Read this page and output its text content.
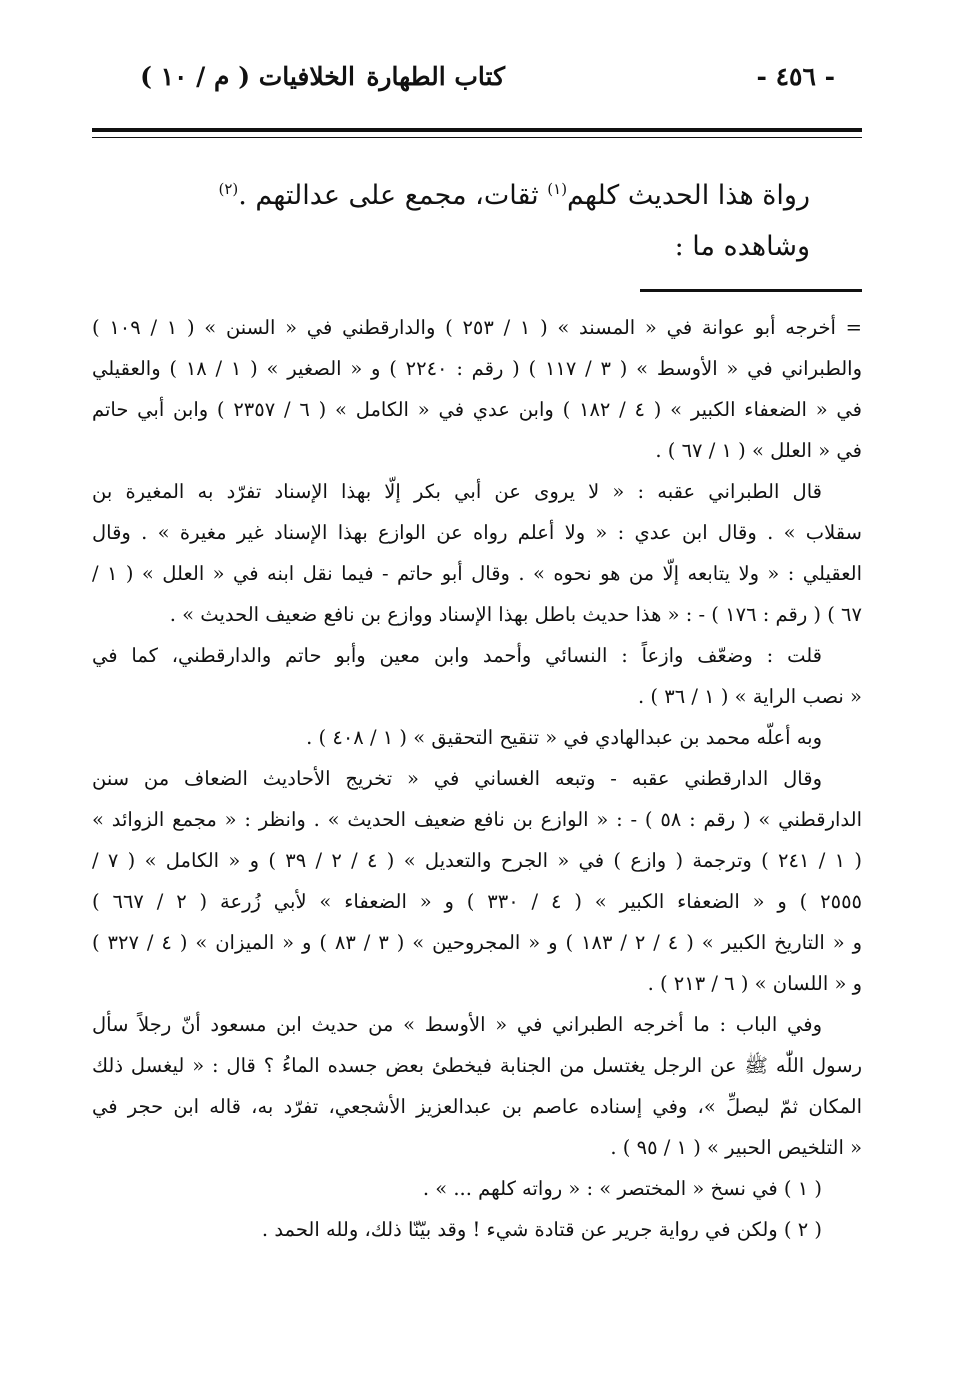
- ٤٥٦ -
كتاب الطهارة
الخلافيات ( م / ١٠ )

رواة هذا الحديث كلهم$^{(١)}$ ثقات، مجمع على عدالتهم .$^{(٢)}$

وشاهده ما :

= أخرجه أبو عوانة في « المسند » ( ١ / ٢٥٣ ) والدارقطني في « السنن » ( ١ / ١٠٩ )
والطبراني في « الأوسط » ( ٣ / ١١٧ ) ( رقم : ٢٢٤٠ ) و « الصغير » ( ١ / ١٨ ) والعقيلي
في « الضعفاء الكبير » ( ٤ / ١٨٢ ) وابن عدي في « الكامل » ( ٦ / ٢٣٥٧ ) وابن أبي حاتم
في « العلل » ( ١ / ٦٧ ) .
قال الطبراني عقبه : « لا يروى عن أبي بكر إلّا بهذا الإسناد تفرّد به المغيرة بن
سقلاب » . وقال ابن عدي : « ولا أعلم رواه عن الوازع بهذا الإسناد غير مغيرة » . وقال
العقيلي : « ولا يتابعه إلّا من هو نحوه » . وقال أبو حاتم - فيما نقل ابنه في « العلل » ( ١ /
٦٧ ) ( رقم : ١٧٦ ) - : « هذا حديث باطل بهذا الإسناد ووازع بن نافع ضعيف الحديث » .
قلت : وضعّف وازعاً : النسائي وأحمد وابن معين وأبو حاتم والدارقطني، كما في
« نصب الراية » ( ١ / ٣٦ ) .
وبه أعلّه محمد بن عبدالهادي في « تنقيح التحقيق » ( ١ / ٤٠٨ ) .
وقال الدارقطني عقبه - وتبعه الغساني في « تخريج الأحاديث الضعاف من سنن
الدارقطني » ( رقم : ٥٨ ) - : « الوازع بن نافع ضعيف الحديث » . وانظر : « مجمع الزوائد »
( ١ / ٢٤١ ) وترجمة ( وازع ) في « الجرح والتعديل » ( ٤ / ٢ / ٣٩ ) و « الكامل » ( ٧ /
٢٥٥٥ ) و « الضعفاء الكبير » ( ٤ / ٣٣٠ ) و « الضعفاء » لأبي زُرعة ( ٢ / ٦٦٧ )
و « التاريخ الكبير » ( ٤ / ٢ / ١٨٣ ) و « المجروحين » ( ٣ / ٨٣ ) و « الميزان » ( ٤ / ٣٢٧ )
و « اللسان » ( ٦ / ٢١٣ ) .
وفي الباب : ما أخرجه الطبراني في « الأوسط » من حديث ابن مسعود أنّ رجلاً سأل
رسول اللّٰه ﷺ عن الرجل يغتسل من الجنابة فيخطئ بعض جسده الماءُ ؟ قال : « ليغسل ذلك
المكان ثمّ ليصلِّ »، وفي إسناده عاصم بن عبدالعزيز الأشجعي، تفرّد به، قاله ابن حجر في
« التلخيص الحبير » ( ١ / ٩٥ ) .
( ١ ) في نسخ « المختصر » : « رواته كلهم ... » .
( ٢ ) ولكن في رواية جرير عن قتادة شيء ! وقد بيّنّا ذلك، ولله الحمد .
